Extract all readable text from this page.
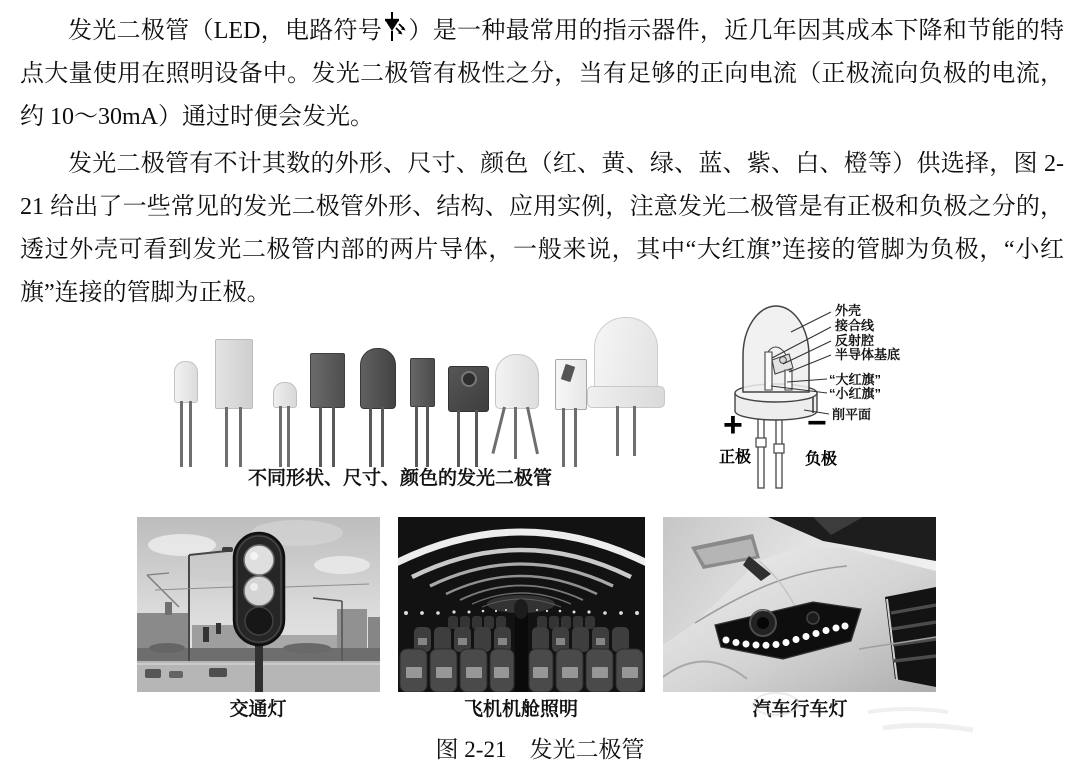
发光二极管（LED，电路符号 ）是一种最常用的指示器件，近几年因其成本下降和节能的特点大量使用在照明设备中。发光二极管有极性之分，当有足够的正向电流（正极流向负极的电流，约 10～30mA）通过时便会发光。

发光二极管有不计其数的外形、尺寸、颜色（红、黄、绿、蓝、紫、白、橙等）供选择，图 2-21 给出了一些常见的发光二极管外形、结构、应用实例，注意发光二极管是有正极和负极之分的，透过外壳可看到发光二极管内部的两片导体，一般来说，其中“大红旗”连接的管脚为负极，“小红旗”连接的管脚为正极。

不同形状、尺寸、颜色的发光二极管
外壳
接合线
反射腔
半导体基底
“大红旗”
“小红旗”
削平面
+ −
正极	负极
交通灯	飞机机舱照明	汽车行车灯
图 2-21　发光二极管
